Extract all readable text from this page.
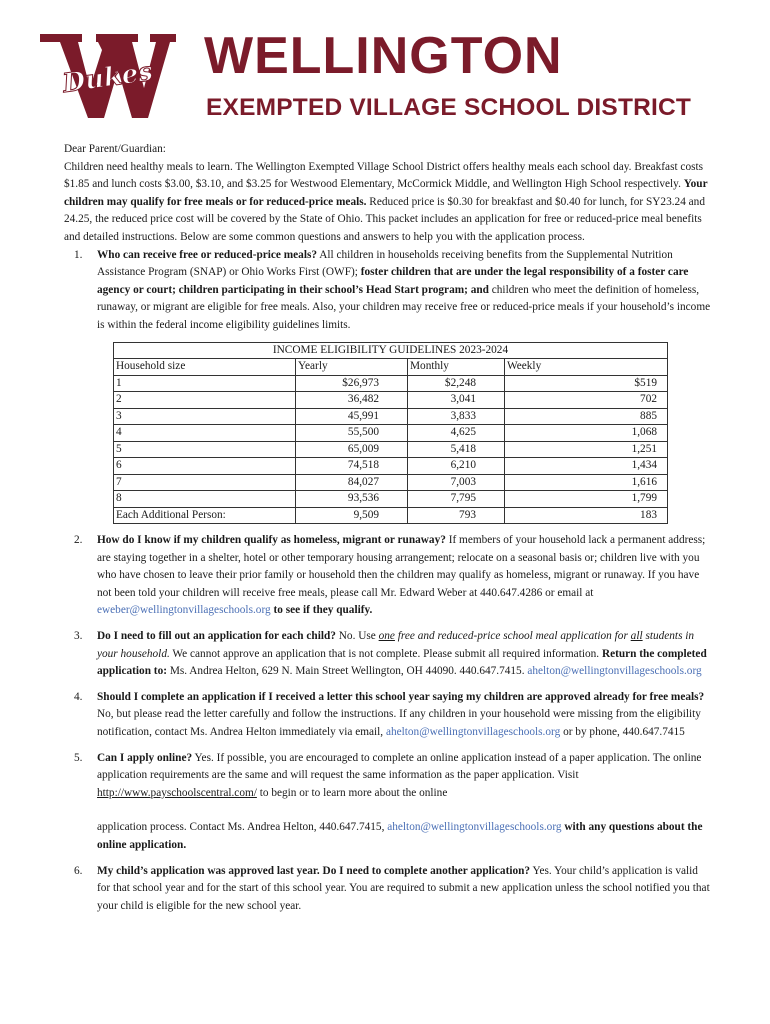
Dukes WELLINGTON
EXEMPTED VILLAGE SCHOOL DISTRICT

Dear Parent/Guardian:

Children need healthy meals to learn. The Wellington Exempted Village School District offers healthy meals each school day. Breakfast costs $1.85 and lunch costs $3.00, $3.10, and $3.25 for Westwood Elementary, McCormick Middle, and Wellington High School respectively. Your children may qualify for free meals or for reduced-price meals. Reduced price is $0.30 for breakfast and $0.40 for lunch, for SY23.24 and 24.25, the reduced price cost will be covered by the State of Ohio. This packet includes an application for free or reduced-price meal benefits and detailed instructions. Below are some common questions and answers to help you with the application process.

1. Who can receive free or reduced-price meals? All children in households receiving benefits from the Supplemental Nutrition Assistance Program (SNAP) or Ohio Works First (OWF); foster children that are under the legal responsibility of a foster care agency or court; children participating in their school’s Head Start program; and children who meet the definition of homeless, runaway, or migrant are eligible for free meals. Also, your children may receive free or reduced-price meals if your household’s income is within the federal income eligibility guidelines limits.
INCOME ELIGIBILITY GUIDELINES 2023-2024			
Household size	Yearly	Monthly	Weekly
1	$26,973	$2,248	$519
2	36,482	3,041	702
3	45,991	3,833	885
4	55,500	4,625	1,068
5	65,009	5,418	1,251
6	74,518	6,210	1,434
7	84,027	7,003	1,616
8	93,536	7,795	1,799
Each Additional Person:	9,509	793	183
2. How do I know if my children qualify as homeless, migrant or runaway? If members of your household lack a permanent address; are staying together in a shelter, hotel or other temporary housing arrangement; relocate on a seasonal basis or; children live with you who have chosen to leave their prior family or household then the children may qualify as homeless, migrant or runaway. If you have not been told your children will receive free meals, please call Mr. Edward Weber at 440.647.4286 or email at eweber@wellingtonvillageschools.org to see if they qualify.
3. Do I need to fill out an application for each child? No. Use one free and reduced-price school meal application for all students in your household. We cannot approve an application that is not complete. Please submit all required information. Return the completed application to: Ms. Andrea Helton, 629 N. Main Street Wellington, OH 44090. 440.647.7415. ahelton@wellingtonvillageschools.org
4. Should I complete an application if I received a letter this school year saying my children are approved already for free meals? No, but please read the letter carefully and follow the instructions. If any children in your household were missing from the eligibility notification, contact Ms. Andrea Helton immediately via email, ahelton@wellingtonvillageschools.org or by phone, 440.647.7415
5. Can I apply online? Yes. If possible, you are encouraged to complete an online application instead of a paper application. The online application requirements are the same and will request the same information as the paper application. Visit http://www.payschoolscentral.com/ to begin or to learn more about the online
application process. Contact Ms. Andrea Helton, 440.647.7415, ahelton@wellingtonvillageschools.org with any questions about the online application.
6. My child’s application was approved last year. Do I need to complete another application? Yes. Your child’s application is valid for that school year and for the start of this school year. You are required to submit a new application unless the school notified you that your child is eligible for the new school year.
